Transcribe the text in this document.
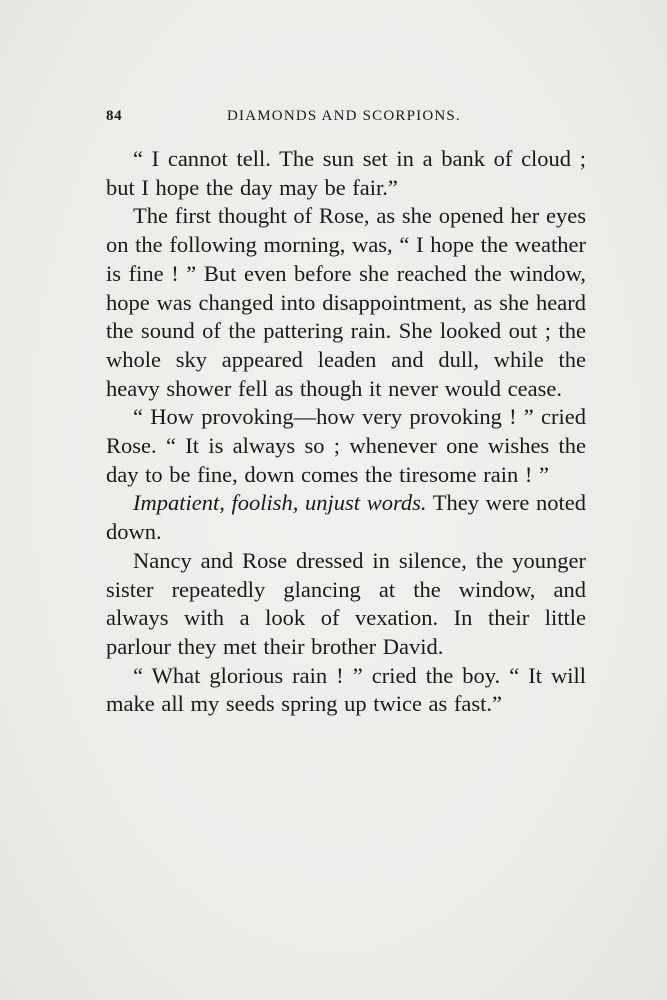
84	DIAMONDS AND SCORPIONS.

“ I cannot tell. The sun set in a bank of cloud ; but I hope the day may be fair.”

The first thought of Rose, as she opened her eyes on the following morning, was, “ I hope the weather is fine ! ” But even before she reached the window, hope was changed into disappointment, as she heard the sound of the pattering rain. She looked out ; the whole sky appeared leaden and dull, while the heavy shower fell as though it never would cease.

“ How provoking—how very provoking ! ” cried Rose. “ It is always so ; whenever one wishes the day to be fine, down comes the tiresome rain ! ”

Impatient, foolish, unjust words. They were noted down.

Nancy and Rose dressed in silence, the younger sister repeatedly glancing at the window, and always with a look of vexation. In their little parlour they met their brother David.

“ What glorious rain ! ” cried the boy. “ It will make all my seeds spring up twice as fast.”
